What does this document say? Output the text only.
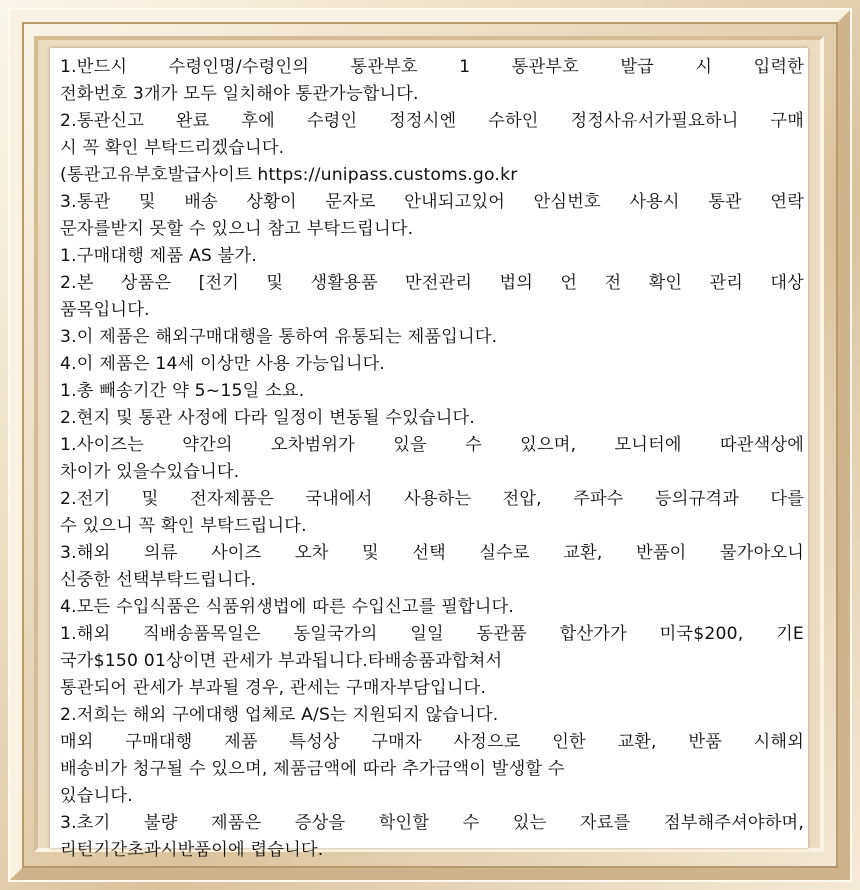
1.반드시 수령인명/수령인의 통관부호 1 통관부호 발급 시 입력한

전화번호 3개가 모두 일치해야 통관가능합니다.

2.통관신고 완료 후에 수령인 정정시엔 수하인 정정사유서가필요하니 구매

시 꼭 확인 부탁드리겠습니다.

(통관고유부호발급사이트 https://unipass.customs.go.kr

3.통관 및 배송 상황이 문자로 안내되고있어 안심번호 사용시 통관 연락

문자를받지 못할 수 있으니 참고 부탁드립니다.

1.구매대행 제품 AS 불가.

2.본 상품은 [전기 및 생활용품 만전관리 법의 언 전 확인 관리 대상

품목입니다.

3.이 제품은 해외구매대행을 통하여 유통되는 제품입니다.

4.이 제품은 14세 이상만 사용 가능입니다.

1.총 빼송기간 약 5~15일 소요.

2.현지 및 통관 사정에 다라 일정이 변동될 수있습니다.

1.사이즈는 약간의 오차범위가 있을 수 있으며, 모니터에 따관색상에

차이가 있을수있습니다.

2.전기 및 전자제품은 국내에서 사용하는 전압, 주파수 등의규격과 다를

수 있으니 꼭 확인 부탁드립니다.

3.해외 의류 사이즈 오차 및 선택 실수로 교환, 반품이 물가아오니

신중한 선택부탁드립니다.

4.모든 수입식품은 식품위생법에 따른 수입신고를 필합니다.

1.해외 직배송품목일은 동일국가의 일일 동관품 합산가가 미국$200, 기E

국가$150 01상이면 관세가 부과됩니다.타배송품과합쳐서

통관되어 관세가 부과될 경우, 관세는 구매자부담입니다.

2.저희는 해외 구에대행 업체로 A/S는 지원되지 않습니다.

매외 구매대행 제품 특성상 구매자 사정으로 인한 교환, 반품 시해외

배송비가 청구될 수 있으며, 제품금액에 따라 추가금액이 발생할 수

있습니다.

3.초기 불량 제품은 증상을 학인할 수 있는 자료를 점부해주셔야하며,

리턴기간초과시반품이에 렵습니다.
